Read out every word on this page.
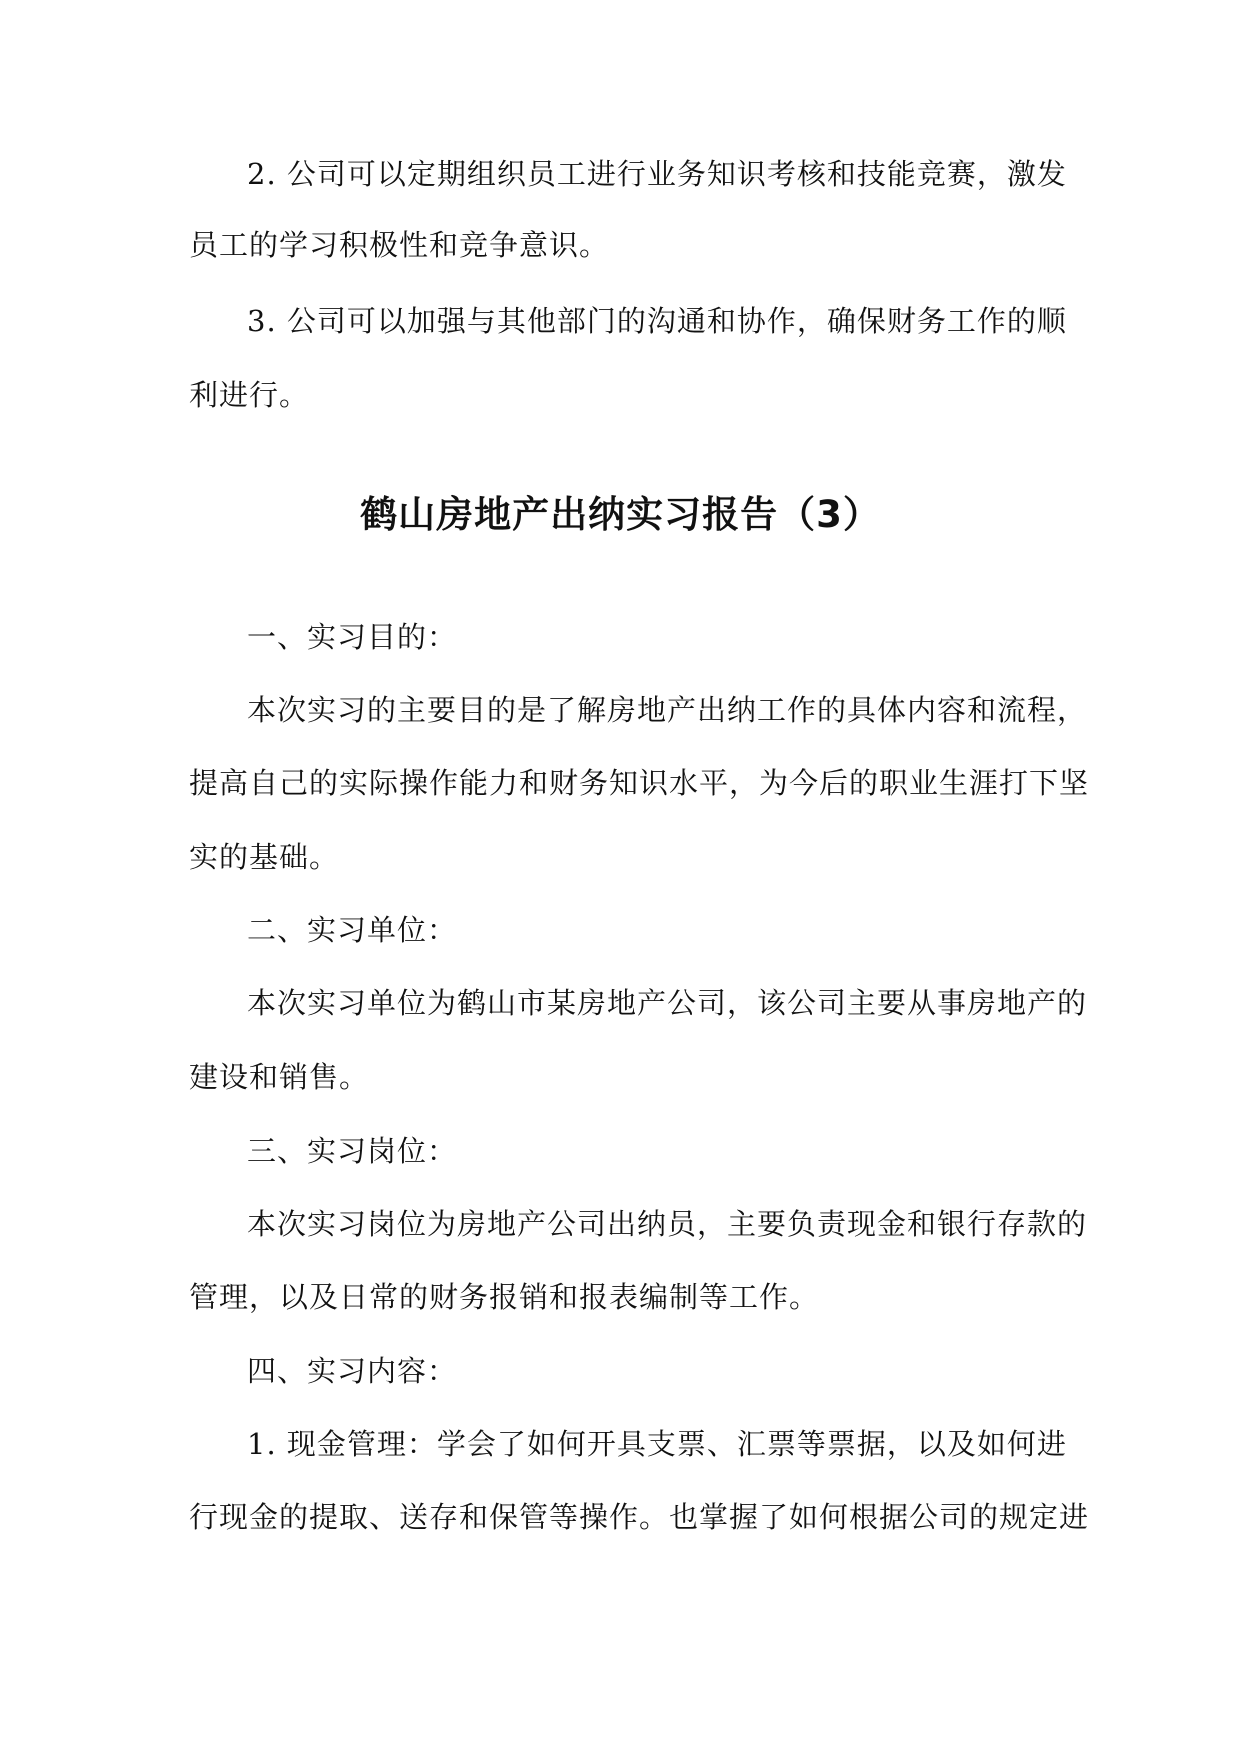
2. 公司可以定期组织员工进行业务知识考核和技能竞赛，激发

员工的学习积极性和竞争意识。

3. 公司可以加强与其他部门的沟通和协作，确保财务工作的顺

利进行。

鹤山房地产出纳实习报告（3）

一、实习目的：

本次实习的主要目的是了解房地产出纳工作的具体内容和流程，

提高自己的实际操作能力和财务知识水平，为今后的职业生涯打下坚

实的基础。

二、实习单位：

本次实习单位为鹤山市某房地产公司，该公司主要从事房地产的

建设和销售。

三、实习岗位：

本次实习岗位为房地产公司出纳员，主要负责现金和银行存款的

管理，以及日常的财务报销和报表编制等工作。

四、实习内容：

1. 现金管理：学会了如何开具支票、汇票等票据，以及如何进

行现金的提取、送存和保管等操作。也掌握了如何根据公司的规定进
